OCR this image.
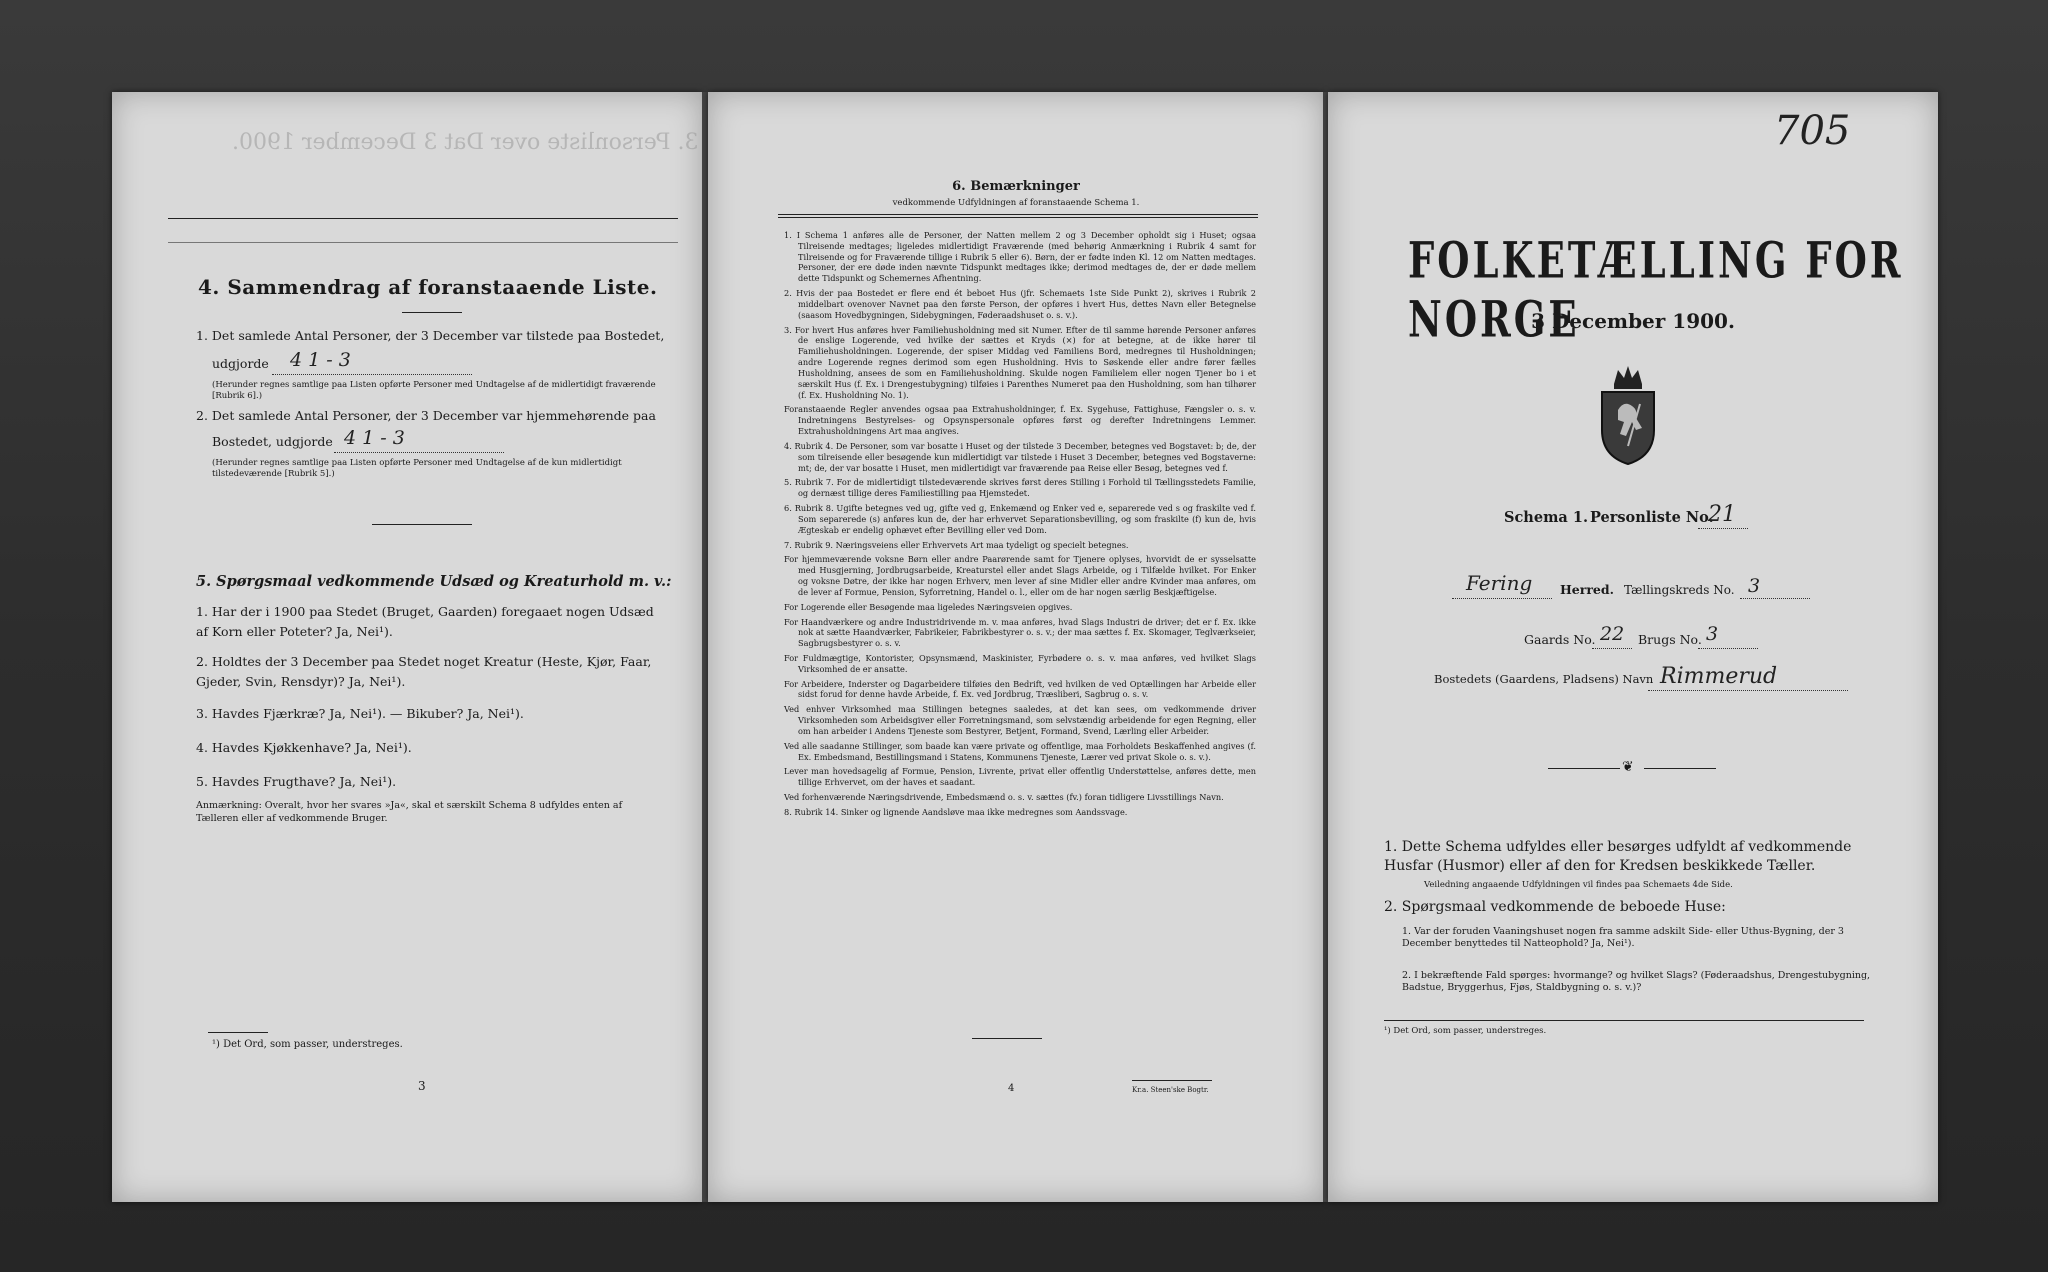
3. Personliste over Dat 3 December 1900.
4. Sammendrag af foranstaaende Liste.
1. Det samlede Antal Personer, der 3 December var tilstede paa Bostedet,
udgjorde 4 1 - 3
(Herunder regnes samtlige paa Listen opførte Personer med Undtagelse af de midlertidigt fraværende [Rubrik 6].)
2. Det samlede Antal Personer, der 3 December var hjemmehørende paa
Bostedet, udgjorde 4 1 - 3
(Herunder regnes samtlige paa Listen opførte Personer med Undtagelse af de kun midlertidigt tilstedeværende [Rubrik 5].)
5. Spørgsmaal vedkommende Udsæd og Kreaturhold m. v.:
1. Har der i 1900 paa Stedet (Bruget, Gaarden) foregaaet nogen Udsæd af Korn eller Poteter? Ja, Nei¹).
2. Holdtes der 3 December paa Stedet noget Kreatur (Heste, Kjør, Faar, Gjeder, Svin, Rensdyr)? Ja, Nei¹).
3. Havdes Fjærkræ? Ja, Nei¹). — Bikuber? Ja, Nei¹).
4. Havdes Kjøkkenhave? Ja, Nei¹).
5. Havdes Frugthave? Ja, Nei¹).
Anmærkning: Overalt, hvor her svares »Ja«, skal et særskilt Schema 8 udfyldes enten af Tælleren eller af vedkommende Bruger.
¹) Det Ord, som passer, understreges.
3
6. Bemærkninger
vedkommende Udfyldningen af foranstaaende Schema 1.

1. I Schema 1 anføres alle de Personer, der Natten mellem 2 og 3 December opholdt sig i Huset; ogsaa Tilreisende medtages; ligeledes midlertidigt Fraværende (med behørig Anmærkning i Rubrik 4 samt for Tilreisende og for Fraværende tillige i Rubrik 5 eller 6). Børn, der er fødte inden Kl. 12 om Natten medtages. Personer, der ere døde inden nævnte Tidspunkt medtages ikke; derimod medtages de, der er døde mellem dette Tidspunkt og Schemernes Afhentning.

2. Hvis der paa Bostedet er flere end ét beboet Hus (jfr. Schemaets 1ste Side Punkt 2), skrives i Rubrik 2 middelbart ovenover Navnet paa den første Person, der opføres i hvert Hus, dettes Navn eller Betegnelse (saasom Hovedbygningen, Sidebygningen, Føderaadshuset o. s. v.).

3. For hvert Hus anføres hver Familiehusholdning med sit Numer. Efter de til samme hørende Personer anføres de enslige Logerende, ved hvilke der sættes et Kryds (×) for at betegne, at de ikke hører til Familiehusholdningen. Logerende, der spiser Middag ved Familiens Bord, medregnes til Husholdningen; andre Logerende regnes derimod som egen Husholdning. Hvis to Søskende eller andre fører fælles Husholdning, ansees de som en Familiehusholdning. Skulde nogen Familielem eller nogen Tjener bo i et særskilt Hus (f. Ex. i Drengestubygning) tilføies i Parenthes Numeret paa den Husholdning, som han tilhører (f. Ex. Husholdning No. 1).

Foranstaaende Regler anvendes ogsaa paa Extrahusholdninger, f. Ex. Sygehuse, Fattighuse, Fængsler o. s. v. Indretningens Bestyrelses- og Opsynspersonale opføres først og derefter Indretningens Lemmer. Extrahusholdningens Art maa angives.

4. Rubrik 4. De Personer, som var bosatte i Huset og der tilstede 3 December, betegnes ved Bogstavet: b; de, der som tilreisende eller besøgende kun midlertidigt var tilstede i Huset 3 December, betegnes ved Bogstaverne: mt; de, der var bosatte i Huset, men midlertidigt var fraværende paa Reise eller Besøg, betegnes ved f.

5. Rubrik 7. For de midlertidigt tilstedeværende skrives først deres Stilling i Forhold til Tællingsstedets Familie, og dernæst tillige deres Familiestilling paa Hjemstedet.

6. Rubrik 8. Ugifte betegnes ved ug, gifte ved g, Enkemænd og Enker ved e, separerede ved s og fraskilte ved f. Som separerede (s) anføres kun de, der har erhvervet Separationsbevilling, og som fraskilte (f) kun de, hvis Ægteskab er endelig ophævet efter Bevilling eller ved Dom.

7. Rubrik 9. Næringsveiens eller Erhvervets Art maa tydeligt og specielt betegnes.

For hjemmeværende voksne Børn eller andre Paarørende samt for Tjenere oplyses, hvorvidt de er sysselsatte med Husgjerning, Jordbrugsarbeide, Kreaturstel eller andet Slags Arbeide, og i Tilfælde hvilket. For Enker og voksne Døtre, der ikke har nogen Erhverv, men lever af sine Midler eller andre Kvinder maa anføres, om de lever af Formue, Pension, Syforretning, Handel o. l., eller om de har nogen særlig Beskjæftigelse.

For Logerende eller Besøgende maa ligeledes Næringsveien opgives.

For Haandværkere og andre Industridrivende m. v. maa anføres, hvad Slags Industri de driver; det er f. Ex. ikke nok at sætte Haandværker, Fabrikeier, Fabrikbestyrer o. s. v.; der maa sættes f. Ex. Skomager, Teglværkseier, Sagbrugsbestyrer o. s. v.

For Fuldmægtige, Kontorister, Opsynsmænd, Maskinister, Fyrbødere o. s. v. maa anføres, ved hvilket Slags Virksomhed de er ansatte.

For Arbeidere, Inderster og Dagarbeidere tilføies den Bedrift, ved hvilken de ved Optællingen har Arbeide eller sidst forud for denne havde Arbeide, f. Ex. ved Jordbrug, Træsliberi, Sagbrug o. s. v.

Ved enhver Virksomhed maa Stillingen betegnes saaledes, at det kan sees, om vedkommende driver Virksomheden som Arbeidsgiver eller Forretningsmand, som selvstændig arbeidende for egen Regning, eller om han arbeider i Andens Tjeneste som Bestyrer, Betjent, Formand, Svend, Lærling eller Arbeider.

Ved alle saadanne Stillinger, som baade kan være private og offentlige, maa Forholdets Beskaffenhed angives (f. Ex. Embedsmand, Bestillingsmand i Statens, Kommunens Tjeneste, Lærer ved privat Skole o. s. v.).

Lever man hovedsagelig af Formue, Pension, Livrente, privat eller offentlig Understøttelse, anføres dette, men tillige Erhvervet, om der haves et saadant.

Ved forhenværende Næringsdrivende, Embedsmænd o. s. v. sættes (fv.) foran tidligere Livsstillings Navn.

8. Rubrik 14. Sinker og lignende Aandsløve maa ikke medregnes som Aandssvage.

4	Kr.a. Steen'ske Bogtr.
705
FOLKETÆLLING FOR NORGE
3 December 1900.
Schema 1. Personliste No.
21
Fering Herred. Tællingskreds No. 3
Gaards No. 22 Brugs No. 3
Bostedets (Gaardens, Pladsens) Navn Rimmerud
❦
1. Dette Schema udfyldes eller besørges udfyldt af vedkommende Husfar (Husmor) eller af den for Kredsen beskikkede Tæller.
Veiledning angaaende Udfyldningen vil findes paa Schemaets 4de Side.
2. Spørgsmaal vedkommende de beboede Huse:
1. Var der foruden Vaaningshuset nogen fra samme adskilt Side- eller Uthus-Bygning, der 3 December benyttedes til Natteophold? Ja, Nei¹).
2. I bekræftende Fald spørges: hvormange? og hvilket Slags? (Føderaadshus, Drengestubygning, Badstue, Bryggerhus, Fjøs, Staldbygning o. s. v.)?
¹) Det Ord, som passer, understreges.
